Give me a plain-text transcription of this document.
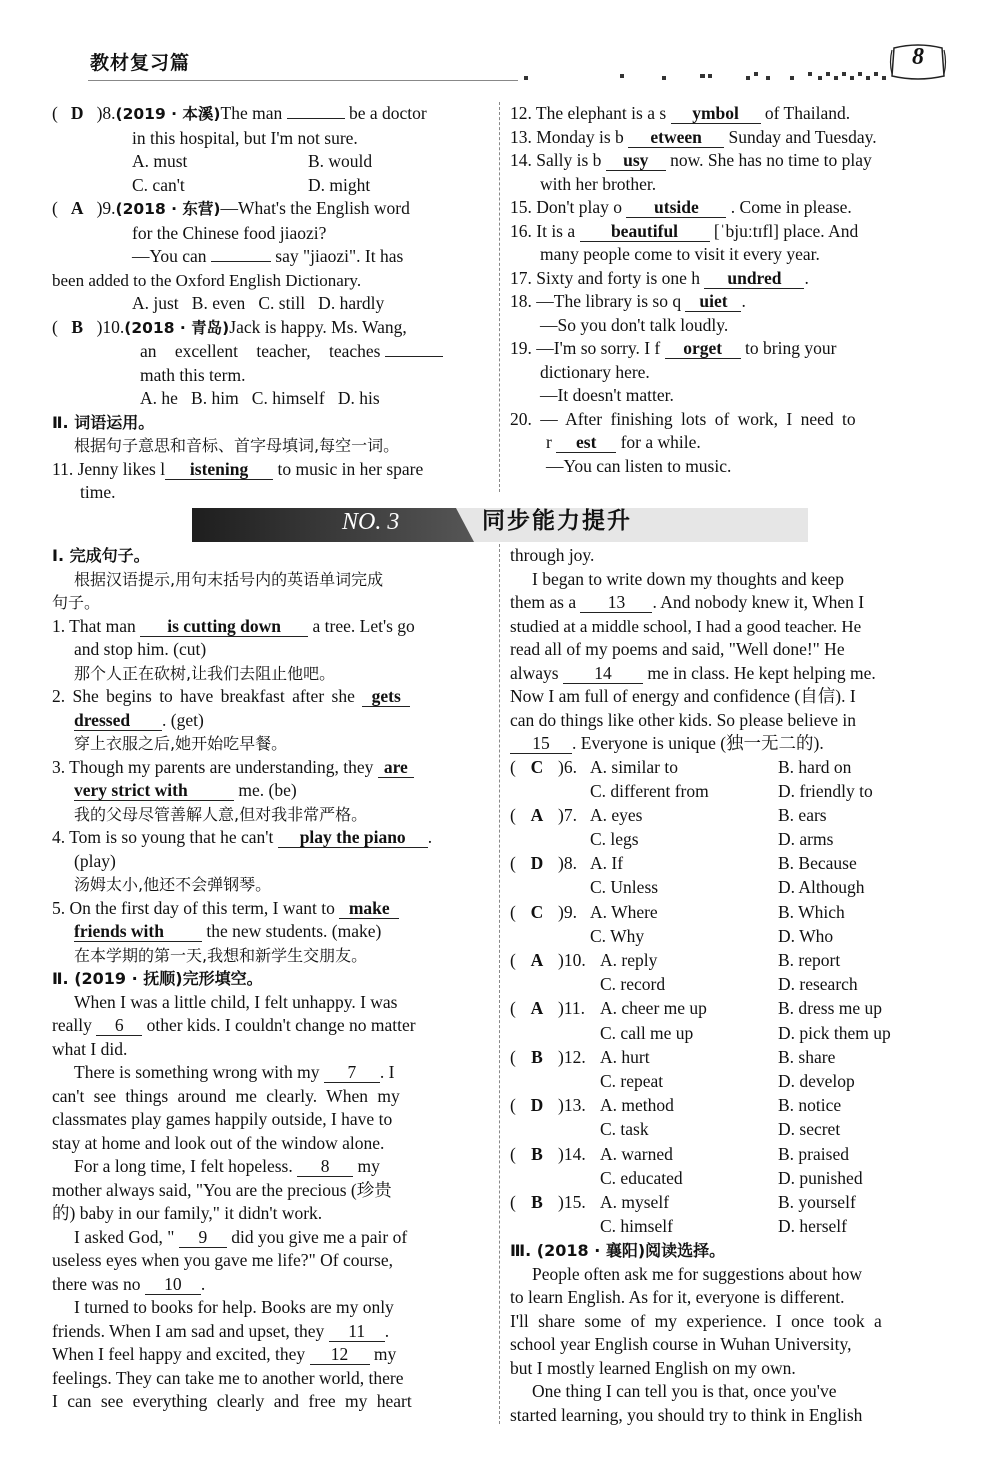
教材复习篇	8
( D )8.(2019 · 本溪)The man	be a doctor
in this hospital, but I'm not sure.
A. must	B. would
C. can't	D. might
( A )9.(2018 · 东营)—What's the English word
for the Chinese food jiaozi?
—You can	say "jiaozi". It has
been added to the Oxford English Dictionary.
A. just   B. even   C. still   D. hardly
( B )10.(2018 · 青岛)Jack is happy. Ms. Wang,
an excellent teacher, teaches
math this term.
A. he   B. him   C. himself   D. his
Ⅱ. 词语运用。
根据句子意思和音标、首字母填词,每空一词。
11. Jenny likes l istening to music in her spare
time.
12. The elephant is a s ymbol of Thailand.
13. Monday is b etween Sunday and Tuesday.
14. Sally is b usy now. She has no time to play
with her brother.
15. Don't play o utside . Come in please.
16. It is a beautiful [ˈbjuːtɪfl] place. And
many people come to visit it every year.
17. Sixty and forty is one h undred .
18. —The library is so q uiet .
—So you don't talk loudly.
19. —I'm so sorry. I f orget to bring your
dictionary here.
—It doesn't matter.
20. — After finishing lots of work, I need to
r est for a while.
—You can listen to music.
NO. 3	同步能力提升
Ⅰ. 完成句子。
根据汉语提示,用句末括号内的英语单词完成
句子。
1. That man is cutting down a tree. Let's go
and stop him. (cut)
那个人正在砍树,让我们去阻止他吧。
2. She begins to have breakfast after she gets
dressed . (get)
穿上衣服之后,她开始吃早餐。
3. Though my parents are understanding, they are
very strict with	me. (be)
我的父母尽管善解人意,但对我非常严格。
4. Tom is so young that he can't play the piano .
(play)
汤姆太小,他还不会弹钢琴。
5. On the first day of this term, I want to make
friends with the new students. (make)
在本学期的第一天,我想和新学生交朋友。
Ⅱ. (2019 · 抚顺)完形填空。
When I was a little child, I felt unhappy. I was
really 6 other kids. I couldn't change no matter
what I did.
There is something wrong with my 7 . I
can't see things around me clearly. When my
classmates play games happily outside, I have to
stay at home and look out of the window alone.
For a long time, I felt hopeless. 8 my
mother always said, "You are the precious (珍贵
的) baby in our family," it didn't work.
I asked God, " 9 did you give me a pair of
useless eyes when you gave me life?" Of course,
there was no 10 .
I turned to books for help. Books are my only
friends. When I am sad and upset, they 11 .
When I feel happy and excited, they 12 my
feelings. They can take me to another world, there
I can see everything clearly and free my heart
through joy.
I began to write down my thoughts and keep
them as a 13 . And nobody knew it, When I
studied at a middle school, I had a good teacher. He
read all of my poems and said, "Well done!" He
always 14 me in class. He kept helping me.
Now I am full of energy and confidence (自信). I
can do things like other kids. So please believe in
15 . Everyone is unique (独一无二的).
( C )6. A. similar to	B. hard on
C. different from	D. friendly to
( A )7. A. eyes	B. ears
C. legs	D. arms
( D )8. A. If	B. Because
C. Unless	D. Although
( C )9. A. Where	B. Which
C. Why	D. Who
( A )10. A. reply	B. report
C. record	D. research
( A )11. A. cheer me up	B. dress me up
C. call me up	D. pick them up
( B )12. A. hurt	B. share
C. repeat	D. develop
( D )13. A. method	B. notice
C. task	D. secret
( B )14. A. warned	B. praised
C. educated	D. punished
( B )15. A. myself	B. yourself
C. himself	D. herself
Ⅲ. (2018 · 襄阳)阅读选择。
People often ask me for suggestions about how
to learn English. As for it, everyone is different.
I'll share some of my experience. I once took a
school year English course in Wuhan University,
but I mostly learned English on my own.
One thing I can tell you is that, once you've
started learning, you should try to think in English
